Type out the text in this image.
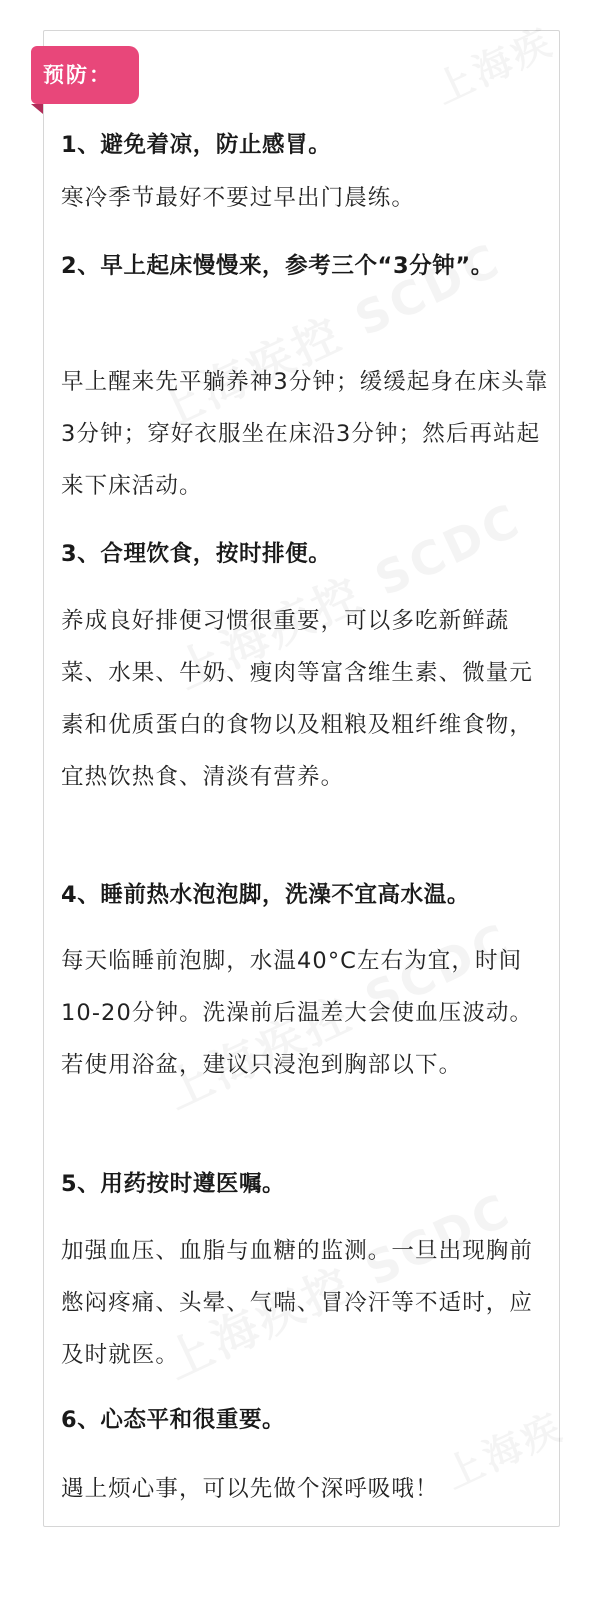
预防：
1、避免着凉，防止感冒。
寒冷季节最好不要过早出门晨练。
2、早上起床慢慢来，参考三个“3分钟”。
早上醒来先平躺养神3分钟；缓缓起身在床头靠3分钟；穿好衣服坐在床沿3分钟；然后再站起来下床活动。
3、合理饮食，按时排便。
养成良好排便习惯很重要，可以多吃新鲜蔬菜、水果、牛奶、瘦肉等富含维生素、微量元素和优质蛋白的食物以及粗粮及粗纤维食物，宜热饮热食、清淡有营养。
4、睡前热水泡泡脚，洗澡不宜高水温。
每天临睡前泡脚，水温40°C左右为宜，时间10-20分钟。洗澡前后温差大会使血压波动。若使用浴盆，建议只浸泡到胸部以下。
5、用药按时遵医嘱。
加强血压、血脂与血糖的监测。一旦出现胸前憋闷疼痛、头晕、气喘、冒冷汗等不适时，应及时就医。
6、心态平和很重要。
遇上烦心事，可以先做个深呼吸哦！
